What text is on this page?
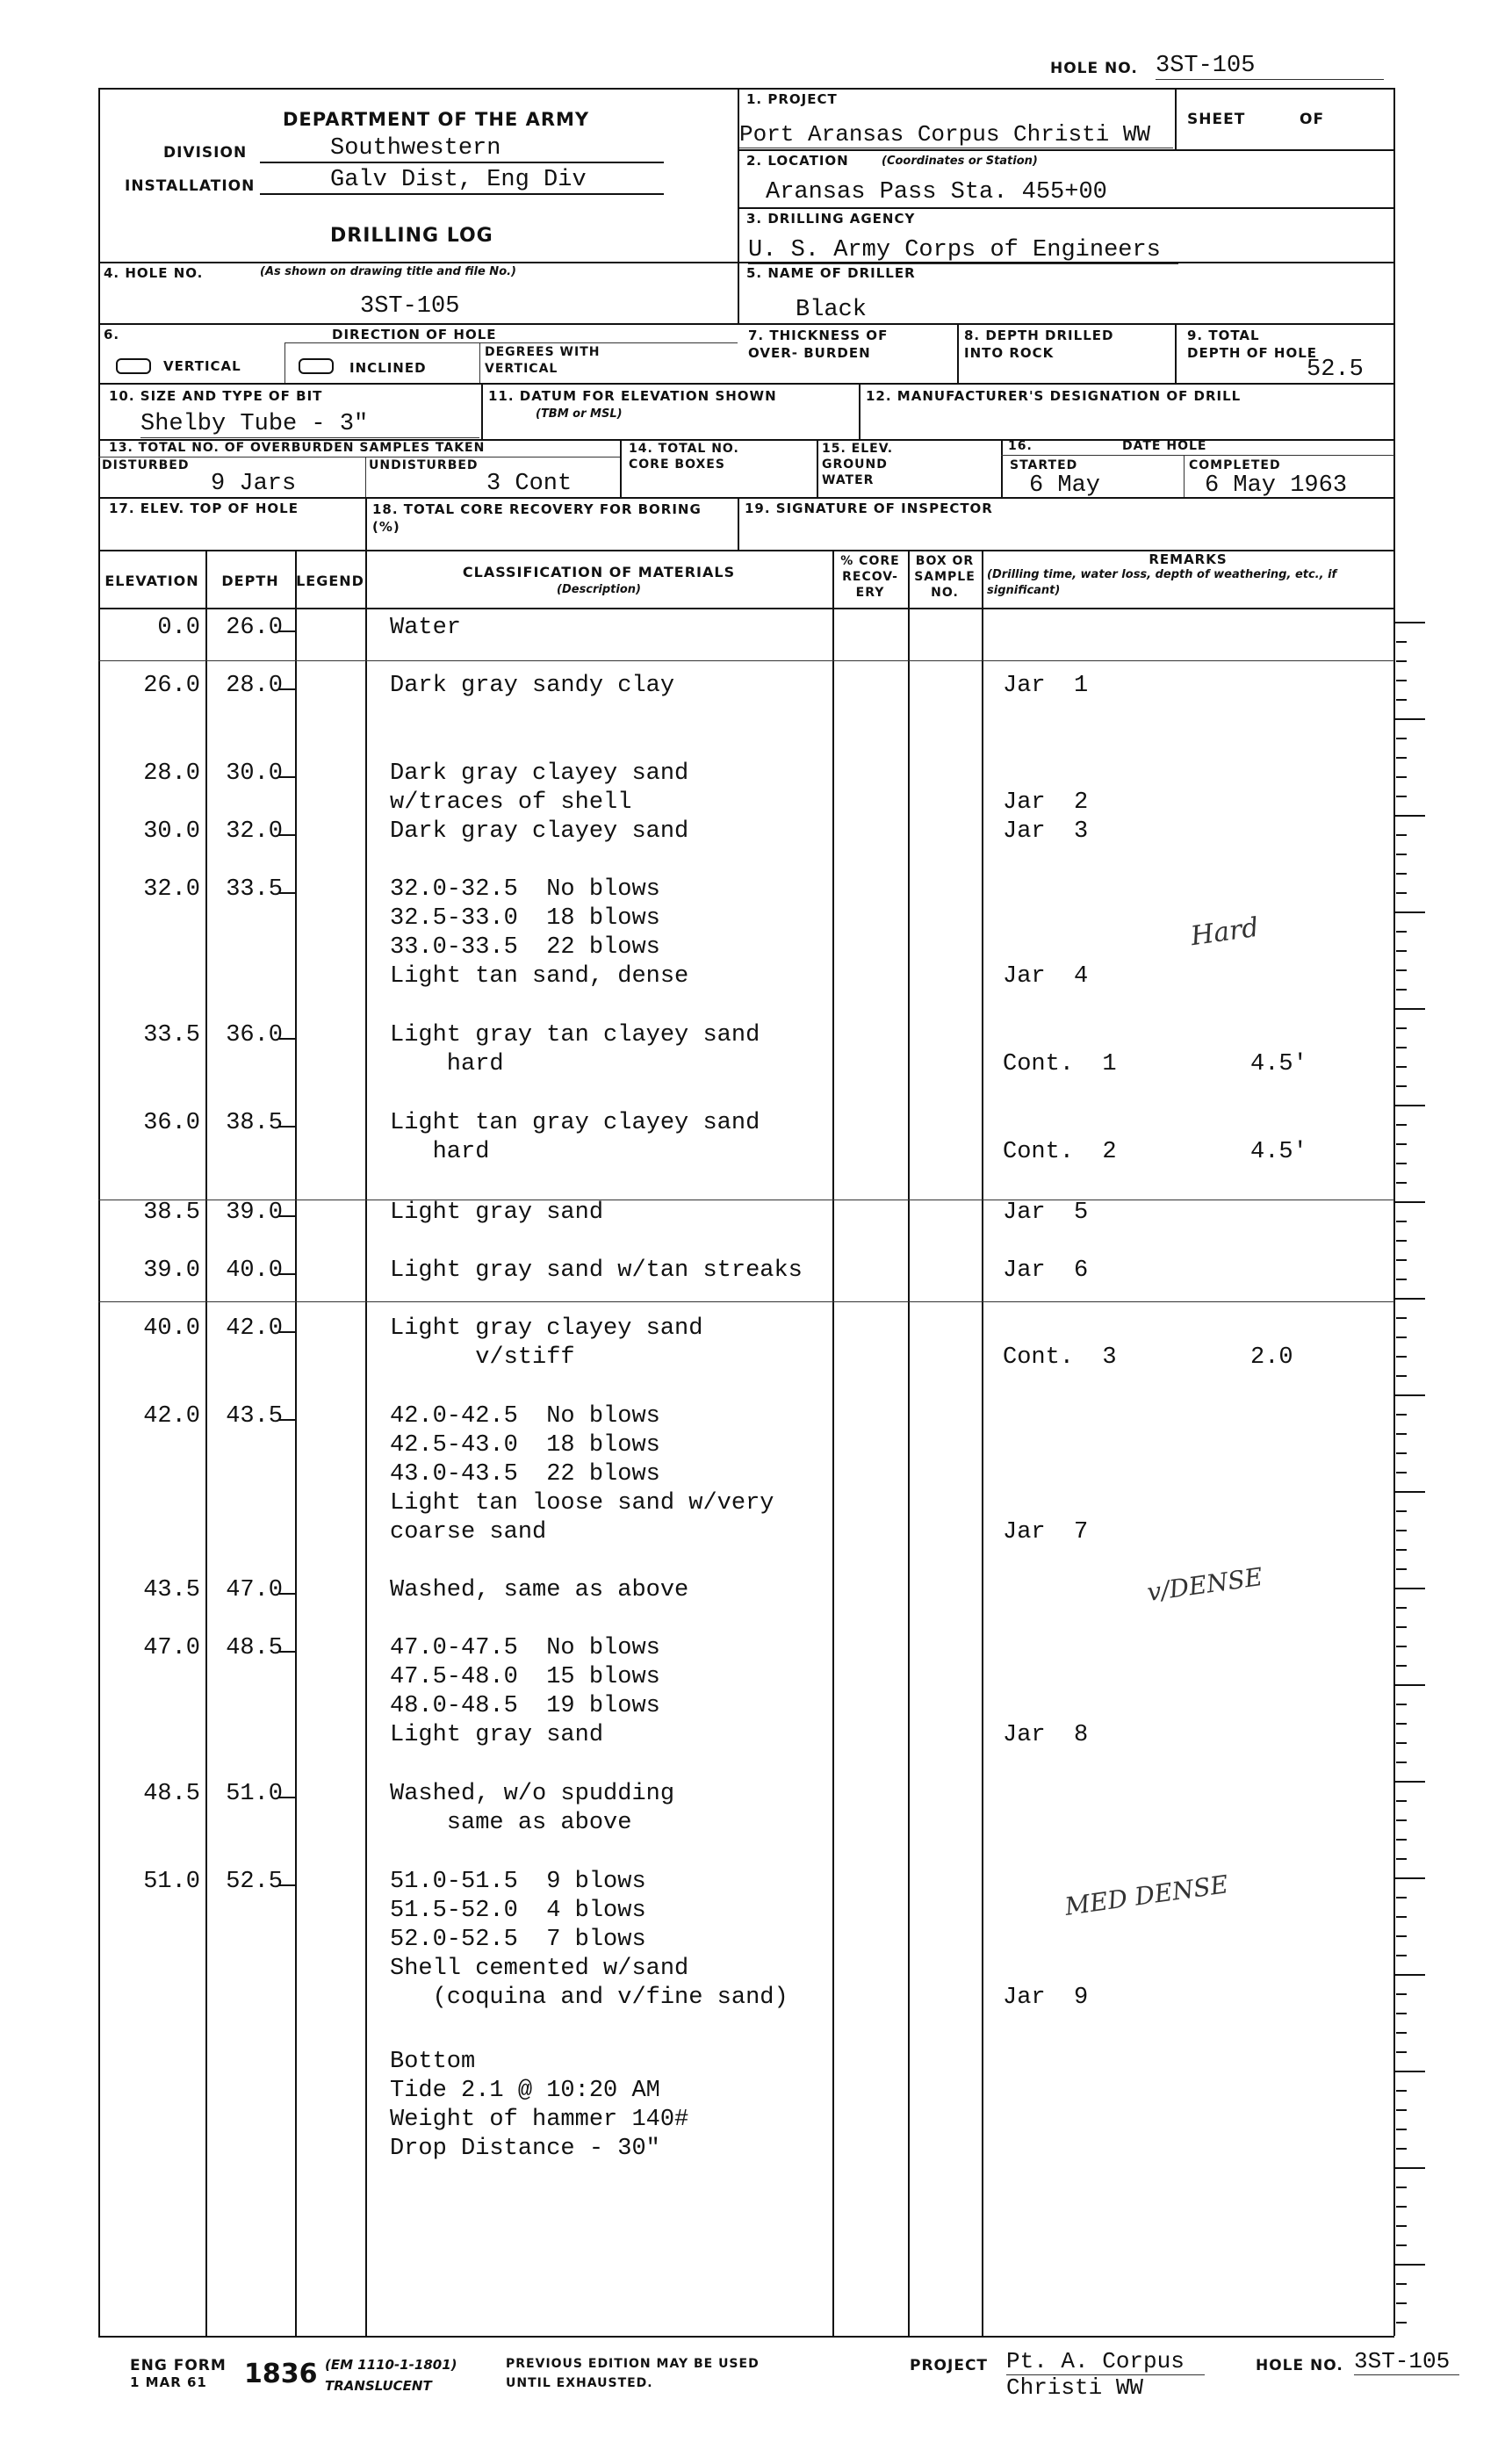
HOLE NO. 3ST-105
DEPARTMENT OF THE ARMY
DIVISION	Southwestern
INSTALLATION	Galv Dist, Eng Div
DRILLING LOG
1. PROJECT
Port Aransas Corpus Christi WW
SHEET	OF
2. LOCATION	(Coordinates or Station)
Aransas Pass Sta. 455+00
3. DRILLING AGENCY
U. S. Army Corps of Engineers
4. HOLE NO.	(As shown on drawing title and file No.)
3ST-105
5. NAME OF DRILLER
Black
6.	DIRECTION OF HOLE
VERTICAL	INCLINED
DEGREES WITH VERTICAL
7. THICKNESS OF OVER- BURDEN
8. DEPTH DRILLED INTO ROCK
9. TOTAL DEPTH OF HOLE
52.5
10. SIZE AND TYPE OF BIT
Shelby Tube - 3"
11. DATUM FOR ELEVATION SHOWN
(TBM or MSL)
12. MANUFACTURER'S DESIGNATION OF DRILL
13. TOTAL NO. OF OVERBURDEN SAMPLES TAKEN
DISTURBED
9 Jars
UNDISTURBED
3 Cont
14. TOTAL NO. CORE BOXES
15. ELEV. GROUND WATER
16.	DATE HOLE
STARTED
6 May
COMPLETED
6 May 1963
17. ELEV. TOP OF HOLE	18. TOTAL CORE RECOVERY FOR BORING (%)
19. SIGNATURE OF INSPECTOR
ELEVATION	DEPTH	LEGEND
CLASSIFICATION OF MATERIALS
(Description)
% CORE RECOV- ERY
BOX OR SAMPLE NO.
REMARKS
(Drilling time, water loss, depth of weathering, etc., if significant)
0.0	26.0	Water
26.0	28.0	Dark gray sandy clay	Jar  1
28.0	30.0	Dark gray clayey sand
w/traces of shell	Jar  2
30.0	32.0	Dark gray clayey sand	Jar  3
32.0	33.5	32.0-32.5  No blows
32.5-33.0  18 blows
33.0-33.5  22 blows
Light tan sand, dense	Jar  4
33.5	36.0	Light gray tan clayey sand
hard	Cont.  1	4.5'
36.0	38.5	Light tan gray clayey sand
hard	Cont.  2	4.5'
38.5	39.0	Light gray sand	Jar  5
39.0	40.0	Light gray sand w/tan streaks	Jar  6
40.0	42.0	Light gray clayey sand
v/stiff	Cont.  3	2.0
42.0	43.5	42.0-42.5  No blows
42.5-43.0  18 blows
43.0-43.5  22 blows
Light tan loose sand w/very
coarse sand	Jar  7
43.5	47.0	Washed, same as above
47.0	48.5	47.0-47.5  No blows
47.5-48.0  15 blows
48.0-48.5  19 blows
Light gray sand	Jar  8
48.5	51.0	Washed, w/o spudding
same as above
51.0	52.5	51.0-51.5  9 blows
51.5-52.0  4 blows
52.0-52.5  7 blows
Shell cemented w/sand
(coquina and v/fine sand)	Jar  9
Bottom
Tide 2.1 @ 10:20 AM
Weight of hammer 140#
Drop Distance - 30"
Hard
v/DENSE
MED DENSE
ENG FORM
1 MAR 61 1836 (EM 1110-1-1801)
TRANSLUCENT
PREVIOUS EDITION MAY BE USED
UNTIL EXHAUSTED.
PROJECT Pt. A. Corpus
Christi WW
HOLE NO. 3ST-105
